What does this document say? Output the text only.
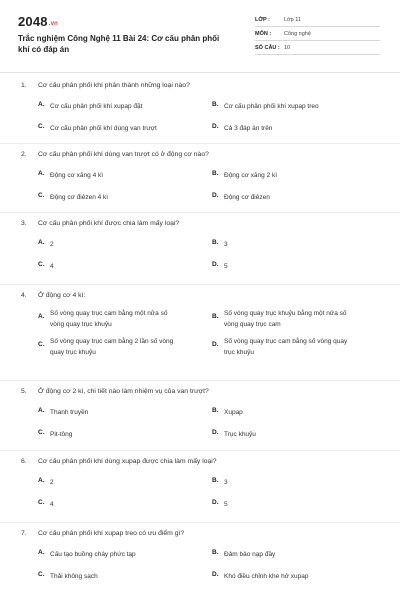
2048.vn
Trắc nghiệm Công Nghệ 11 Bài 24: Cơ cấu phân phối khí có đáp án
LỚP :	Lớp 11
MÔN : Công nghệ
SỐ CÂU : 10
1. Cơ cấu phân phối khí phân thành những loại nào?
A. Cơ cấu phân phối khí xupap đặt	B. Cơ cấu phân phối khí xupap treo
C. Cơ cấu phân phối khí dùng van trượt	D. Cả 3 đáp án trên
2. Cơ cấu phân phối khí dùng van trượt có ở động cơ nào?
A. Động cơ xăng 4 kì	B. Động cơ xăng 2 kì
C. Động cơ điêzen 4 kì	D. Động cơ điêzen
3. Cơ cấu phân phối khí được chia làm mấy loại?
A. 2	B. 3
C. 4	D. 5
4. Ở động cơ 4 kì:
A. Số vòng quay trục cam bằng một nửa số
vòng quay trục khuỷu
B. Số vòng quay trục khuỷu bằng một nửa số
vòng quay trục cam
C. Số vòng quay trục cam bằng 2 lần số vòng
quay trục khuỷu
D. Số vòng quay trục cam bằng số vòng quay
trục khuỷu
5. Ở động cơ 2 kì, chi tiết nào làm nhiệm vụ của van trượt?
A. Thanh truyền	B. Xupap
C. Pit-tông	D. Trục khuỷu
6. Cơ cấu phân phối khí dùng xupap được chia làm mấy loại?
A. 2	B. 3
C. 4	D. 5
7. Cơ cấu phân phối khí xupap treo có ưu điểm gì?
A. Cấu tạo buồng cháy phức tạp	B. Đảm bảo nạp đầy
C. Thải không sạch	D. Khó điều chỉnh khe hở xupap
